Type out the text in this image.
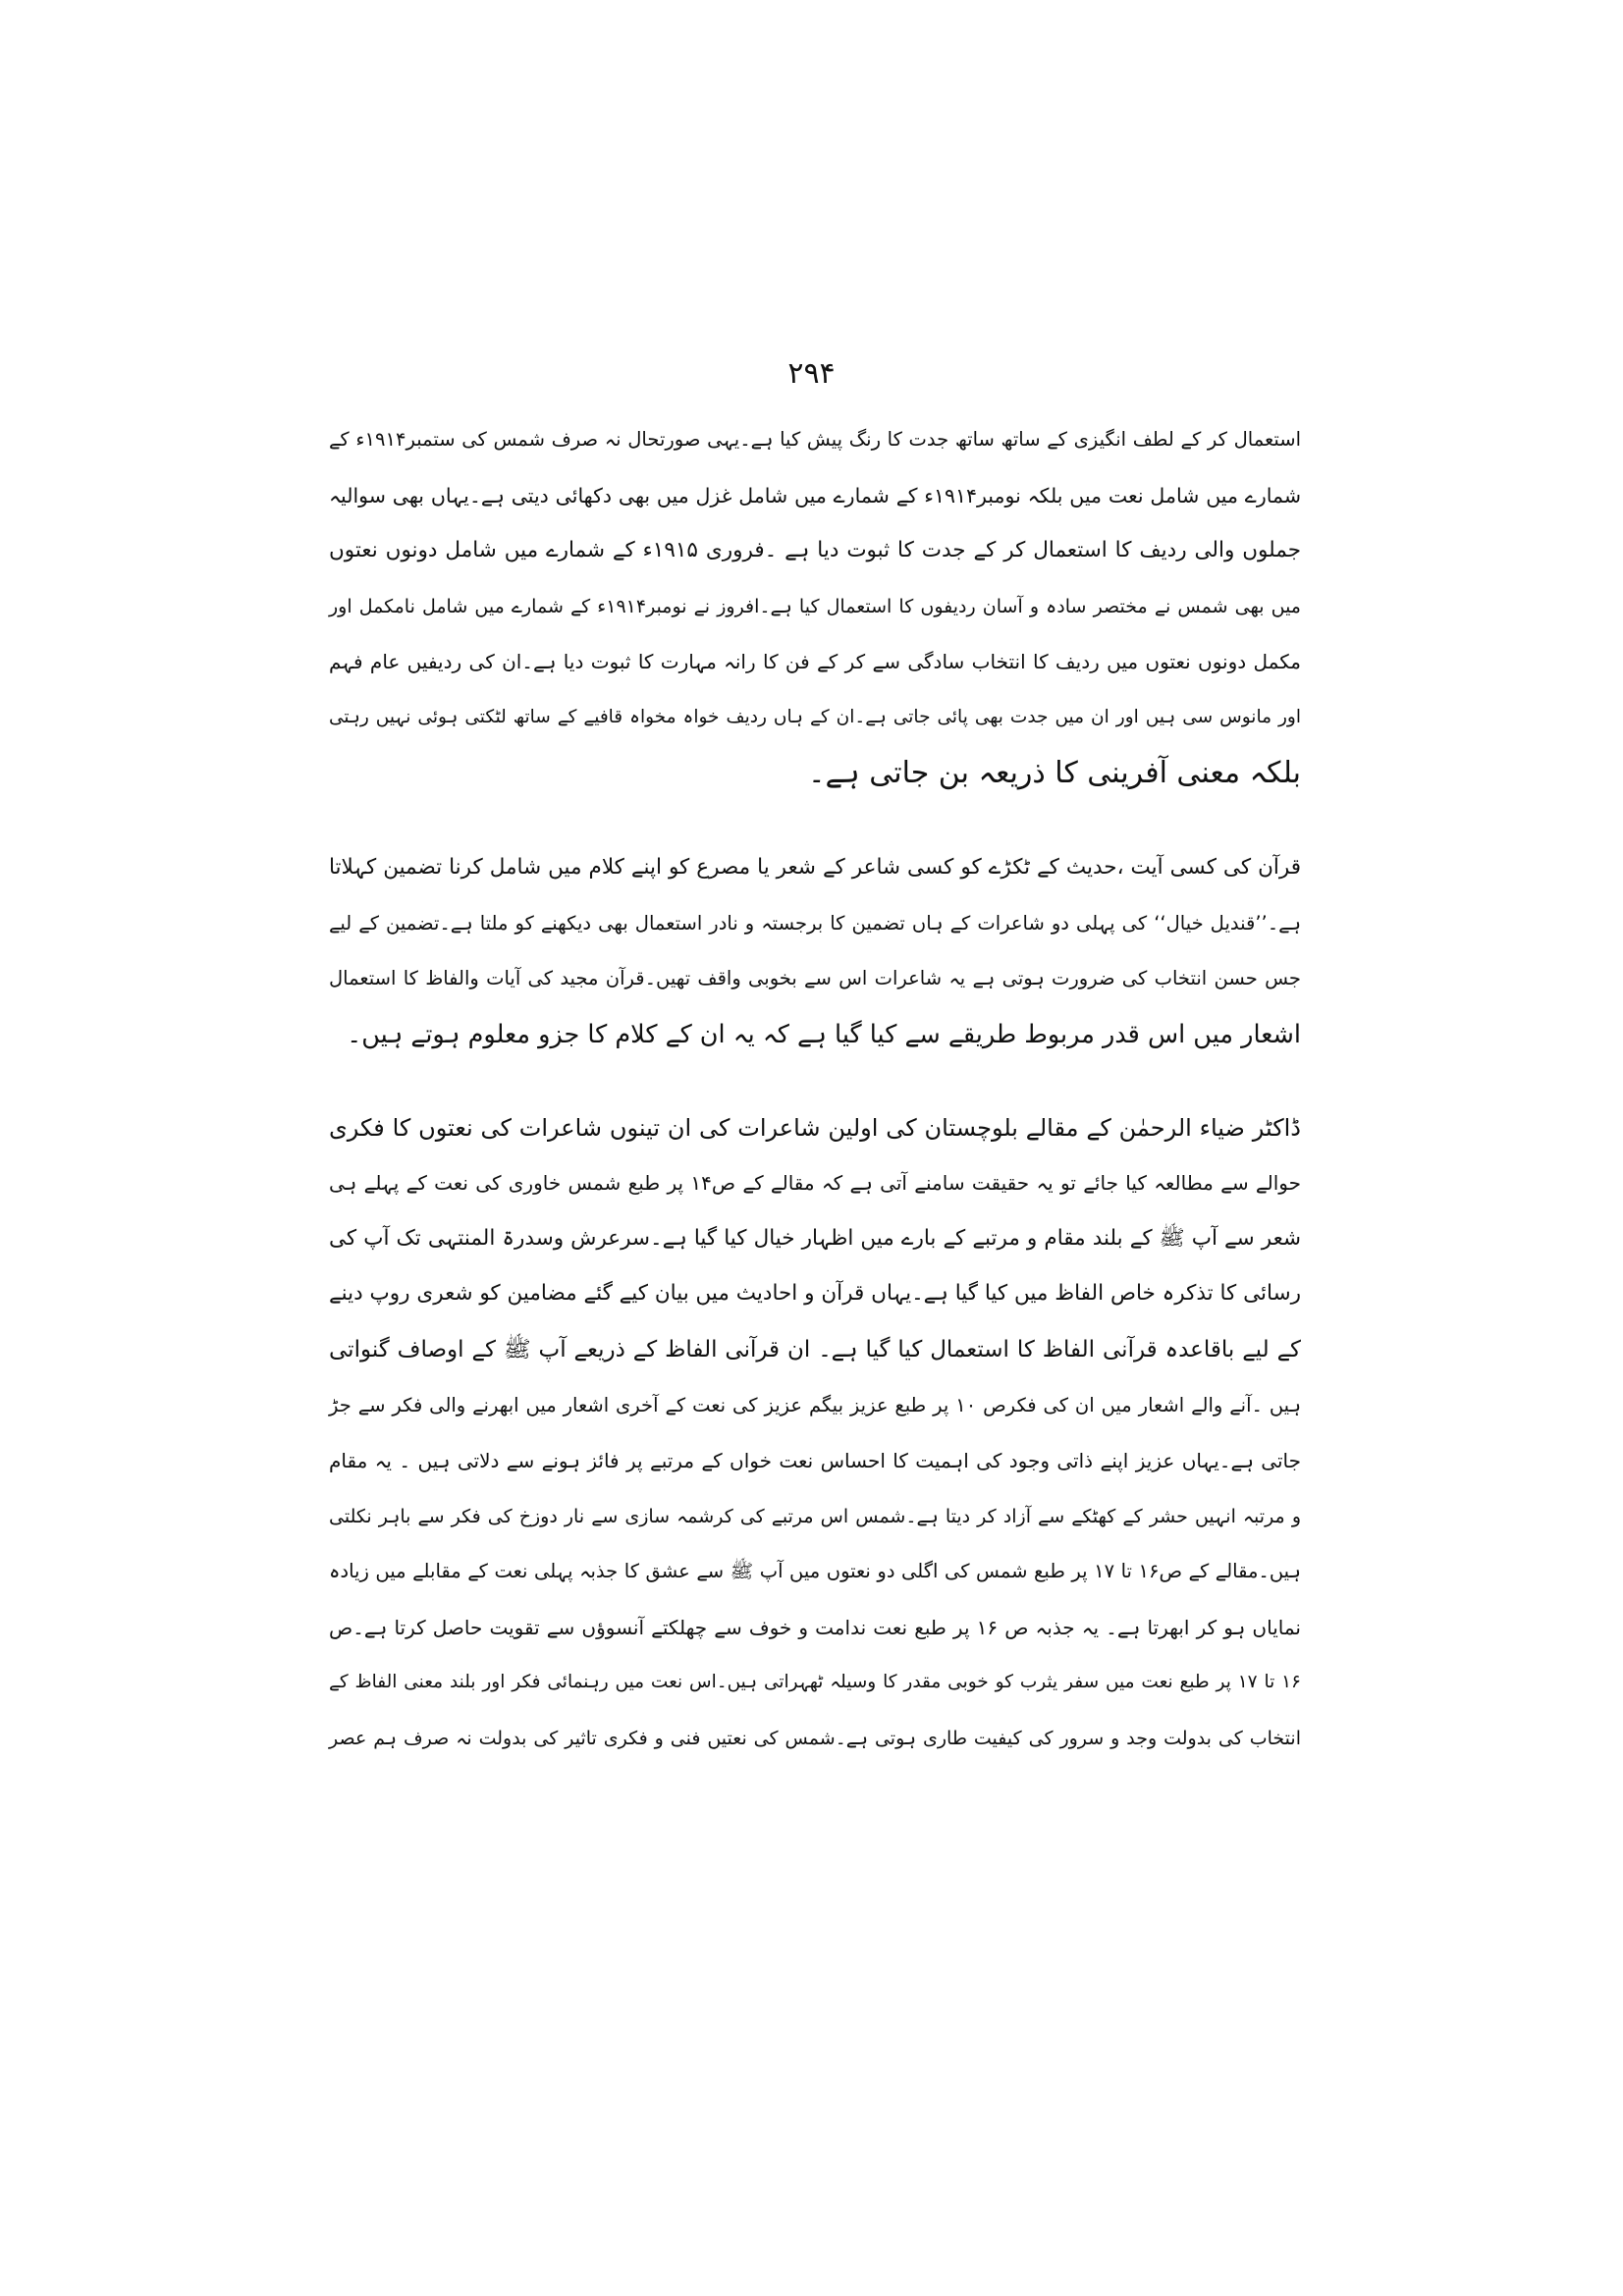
۲۹۴
استعمال کر کے لطف انگیزی کے ساتھ ساتھ جدت کا رنگ پیش کیا ہے۔یہی صورتحال نہ صرف شمس کی ستمبر۱۹۱۴ء کے
شمارے میں شامل نعت میں بلکہ نومبر۱۹۱۴ء کے شمارے میں شامل غزل میں بھی دکھائی دیتی ہے۔یہاں بھی سوالیہ
جملوں والی ردیف کا استعمال کر کے جدت کا ثبوت دیا ہے ۔فروری ۱۹۱۵ء کے شمارے میں شامل دونوں نعتوں
میں بھی شمس نے مختصر سادہ و آسان ردیفوں کا استعمال کیا ہے۔افروز نے نومبر۱۹۱۴ء کے شمارے میں شامل نامکمل اور
مکمل دونوں نعتوں میں ردیف کا انتخاب سادگی سے کر کے فن کا رانہ مہارت کا ثبوت دیا ہے۔ان کی ردیفیں عام فہم
اور مانوس سی ہیں اور ان میں جدت بھی پائی جاتی ہے۔ان کے ہاں ردیف خواہ مخواہ قافیے کے ساتھ لٹکتی ہوئی نہیں رہتی
بلکہ معنی آفرینی کا ذریعہ بن جاتی ہے۔
قرآن کی کسی آیت ،حدیث کے ٹکڑے کو کسی شاعر کے شعر یا مصرع کو اپنے کلام میں شامل کرنا تضمین کہلاتا
ہے۔’’قندیل خیال‘‘ کی پہلی دو شاعرات کے ہاں تضمین کا برجستہ و نادر استعمال بھی دیکھنے کو ملتا ہے۔تضمین کے لیے
جس حسن انتخاب کی ضرورت ہوتی ہے یہ شاعرات اس سے بخوبی واقف تھیں۔قرآن مجید کی آیات والفاظ کا استعمال
اشعار میں اس قدر مربوط طریقے سے کیا گیا ہے کہ یہ ان کے کلام کا جزو معلوم ہوتے ہیں۔
ڈاکٹر ضیاء الرحمٰن کے مقالے بلوچستان کی اولین شاعرات کی ان تینوں شاعرات کی نعتوں کا فکری
حوالے سے مطالعہ کیا جائے تو یہ حقیقت سامنے آتی ہے کہ مقالے کے ص۱۴ پر طبع شمس خاوری کی نعت کے پہلے ہی
شعر سے آپ ﷺ کے بلند مقام و مرتبے کے بارے میں اظہار خیال کیا گیا ہے۔سرعرش وسدرۃ المنتہی تک آپ کی
رسائی کا تذکرہ خاص الفاظ میں کیا گیا ہے۔یہاں قرآن و احادیث میں بیان کیے گئے مضامین کو شعری روپ دینے
کے لیے باقاعدہ قرآنی الفاظ کا استعمال کیا گیا ہے۔ ان قرآنی الفاظ کے ذریعے آپ ﷺ کے اوصاف گنواتی
ہیں ۔آنے والے اشعار میں ان کی فکرص ۱۰ پر طبع عزیز بیگم عزیز کی نعت کے آخری اشعار میں ابھرنے والی فکر سے جڑ
جاتی ہے۔یہاں عزیز اپنے ذاتی وجود کی اہمیت کا احساس نعت خواں کے مرتبے پر فائز ہونے سے دلاتی ہیں ۔ یہ مقام
و مرتبہ انہیں حشر کے کھٹکے سے آزاد کر دیتا ہے۔شمس اس مرتبے کی کرشمہ سازی سے نار دوزخ کی فکر سے باہر نکلتی
ہیں۔مقالے کے ص۱۶ تا ۱۷ پر طبع شمس کی اگلی دو نعتوں میں آپ ﷺ سے عشق کا جذبہ پہلی نعت کے مقابلے میں زیادہ
نمایاں ہو کر ابھرتا ہے۔ یہ جذبہ ص ۱۶ پر طبع نعت ندامت و خوف سے چھلکتے آنسوؤں سے تقویت حاصل کرتا ہے۔ص
۱۶ تا ۱۷ پر طبع نعت میں سفر یثرب کو خوبی مقدر کا وسیلہ ٹھہراتی ہیں۔اس نعت میں رہنمائی فکر اور بلند معنی الفاظ کے
انتخاب کی بدولت وجد و سرور کی کیفیت طاری ہوتی ہے۔شمس کی نعتیں فنی و فکری تاثیر کی بدولت نہ صرف ہم عصر
